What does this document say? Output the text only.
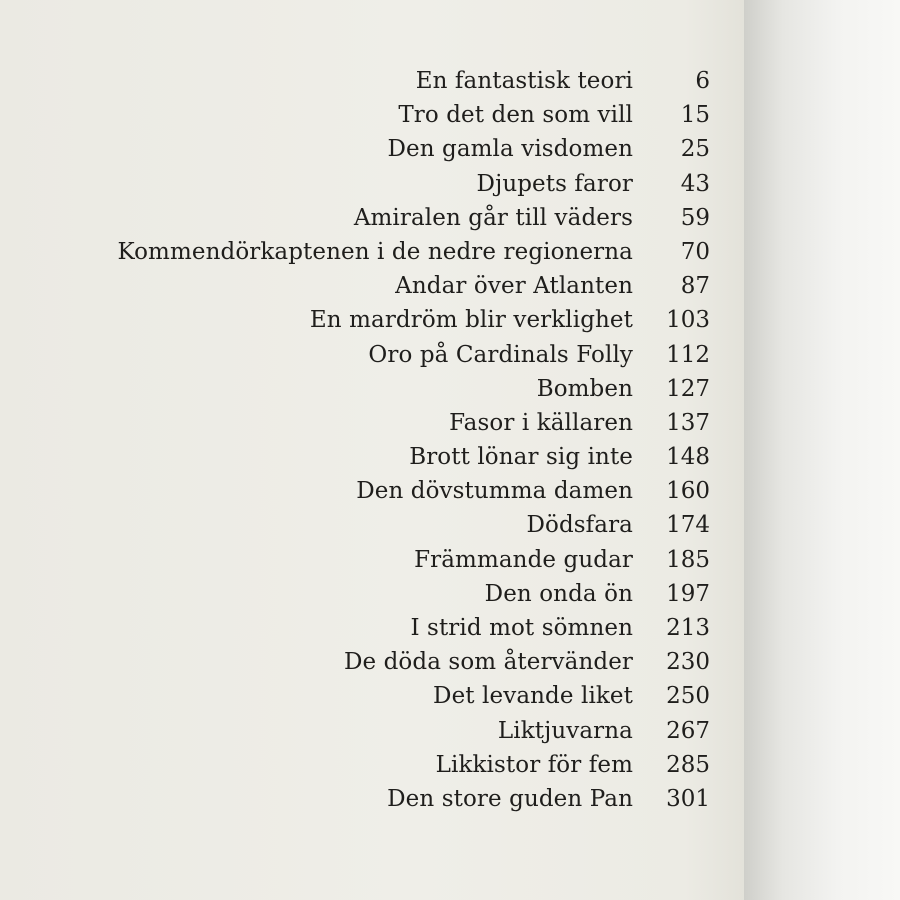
En fantastisk teori	6
Tro det den som vill	15
Den gamla visdomen	25
Djupets faror	43
Amiralen går till väders	59
Kommendörkaptenen i de nedre regionerna	70
Andar över Atlanten	87
En mardröm blir verklighet	103
Oro på Cardinals Folly	112
Bomben	127
Fasor i källaren	137
Brott lönar sig inte	148
Den dövstumma damen	160
Dödsfara	174
Främmande gudar	185
Den onda ön	197
I strid mot sömnen	213
De döda som återvänder	230
Det levande liket	250
Liktjuvarna	267
Likkistor för fem	285
Den store guden Pan	301
